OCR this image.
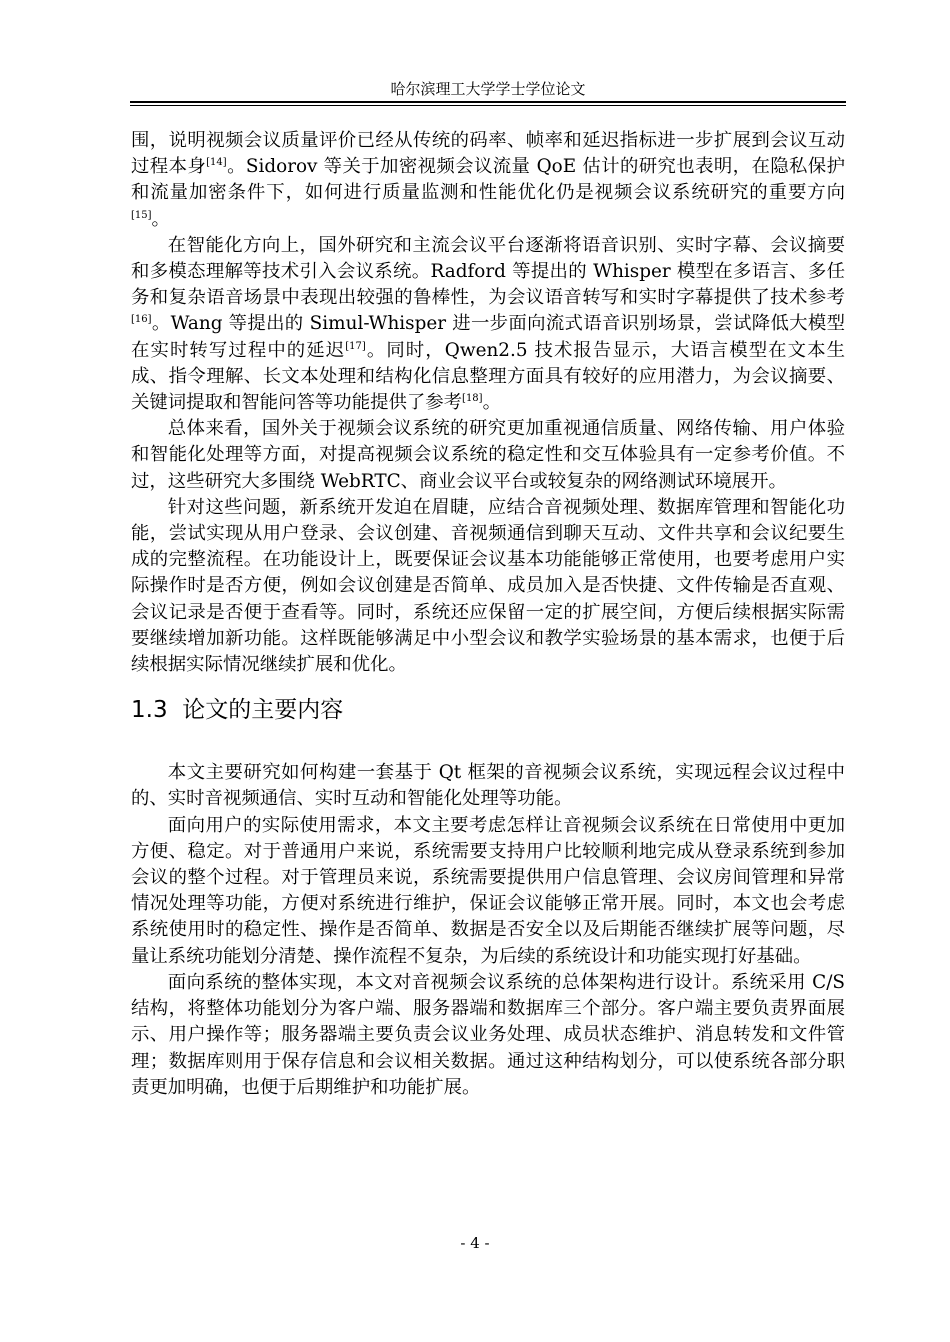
哈尔滨理工大学学士学位论文

围，说明视频会议质量评价已经从传统的码率、帧率和延迟指标进一步扩展到会议互动过程本身[14]。Sidorov 等关于加密视频会议流量 QoE 估计的研究也表明，在隐私保护和流量加密条件下，如何进行质量监测和性能优化仍是视频会议系统研究的重要方向[15]。

在智能化方向上，国外研究和主流会议平台逐渐将语音识别、实时字幕、会议摘要和多模态理解等技术引入会议系统。Radford 等提出的 Whisper 模型在多语言、多任务和复杂语音场景中表现出较强的鲁棒性，为会议语音转写和实时字幕提供了技术参考[16]。Wang 等提出的 Simul-Whisper 进一步面向流式语音识别场景，尝试降低大模型在实时转写过程中的延迟[17]。同时，Qwen2.5 技术报告显示，大语言模型在文本生成、指令理解、长文本处理和结构化信息整理方面具有较好的应用潜力，为会议摘要、关键词提取和智能问答等功能提供了参考[18]。

总体来看，国外关于视频会议系统的研究更加重视通信质量、网络传输、用户体验和智能化处理等方面，对提高视频会议系统的稳定性和交互体验具有一定参考价值。不过，这些研究大多围绕 WebRTC、商业会议平台或较复杂的网络测试环境展开。

针对这些问题，新系统开发迫在眉睫，应结合音视频处理、数据库管理和智能化功能，尝试实现从用户登录、会议创建、音视频通信到聊天互动、文件共享和会议纪要生成的完整流程。在功能设计上，既要保证会议基本功能能够正常使用，也要考虑用户实际操作时是否方便，例如会议创建是否简单、成员加入是否快捷、文件传输是否直观、会议记录是否便于查看等。同时，系统还应保留一定的扩展空间，方便后续根据实际需要继续增加新功能。这样既能够满足中小型会议和教学实验场景的基本需求，也便于后续根据实际情况继续扩展和优化。

1.3 论文的主要内容

本文主要研究如何构建一套基于 Qt 框架的音视频会议系统，实现远程会议过程中的、实时音视频通信、实时互动和智能化处理等功能。

面向用户的实际使用需求，本文主要考虑怎样让音视频会议系统在日常使用中更加方便、稳定。对于普通用户来说，系统需要支持用户比较顺利地完成从登录系统到参加会议的整个过程。对于管理员来说，系统需要提供用户信息管理、会议房间管理和异常情况处理等功能，方便对系统进行维护，保证会议能够正常开展。同时，本文也会考虑系统使用时的稳定性、操作是否简单、数据是否安全以及后期能否继续扩展等问题，尽量让系统功能划分清楚、操作流程不复杂，为后续的系统设计和功能实现打好基础。

面向系统的整体实现，本文对音视频会议系统的总体架构进行设计。系统采用 C/S 结构，将整体功能划分为客户端、服务器端和数据库三个部分。客户端主要负责界面展示、用户操作等；服务器端主要负责会议业务处理、成员状态维护、消息转发和文件管理；数据库则用于保存信息和会议相关数据。通过这种结构划分，可以使系统各部分职责更加明确，也便于后期维护和功能扩展。

- 4 -
